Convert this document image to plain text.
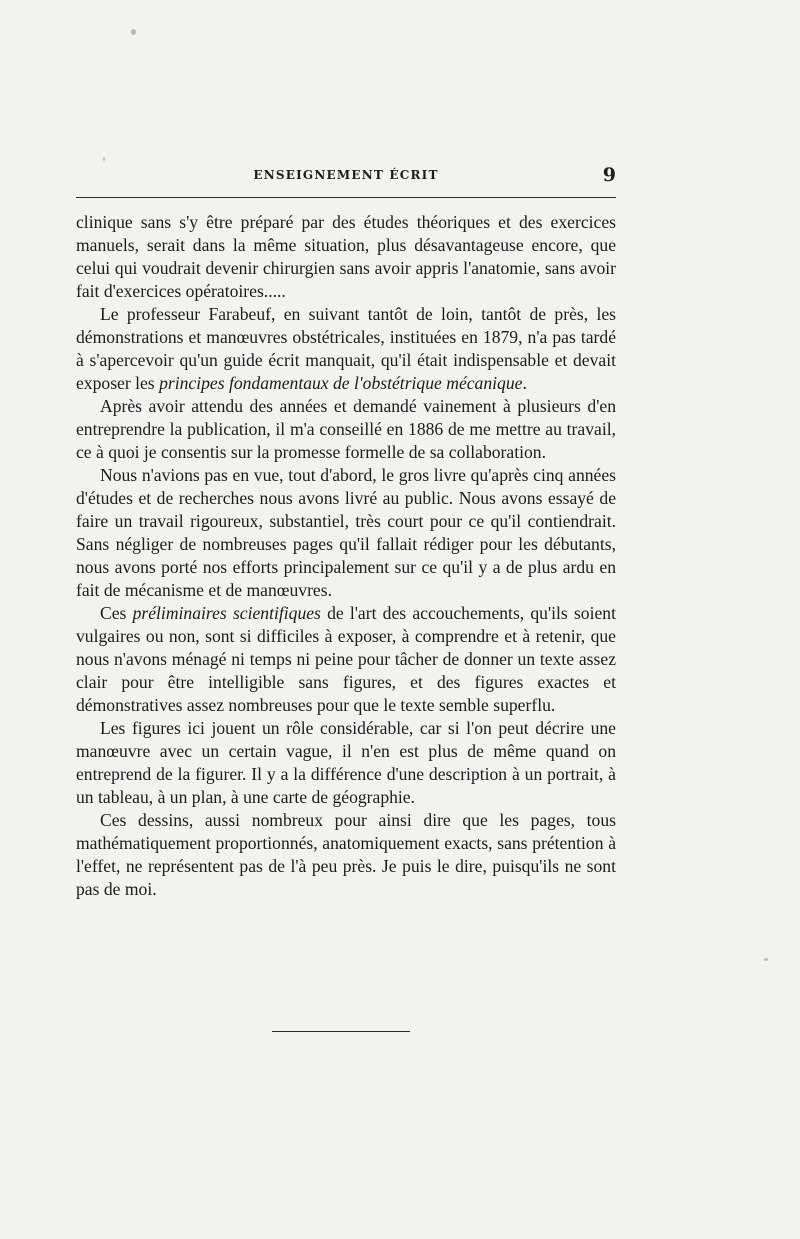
ENSEIGNEMENT ÉCRIT	9

clinique sans s'y être préparé par des études théoriques et des exercices manuels, serait dans la même situation, plus désavantageuse encore, que celui qui voudrait devenir chirurgien sans avoir appris l'anatomie, sans avoir fait d'exercices opératoires.....

Le professeur Farabeuf, en suivant tantôt de loin, tantôt de près, les démonstrations et manœuvres obstétricales, instituées en 1879, n'a pas tardé à s'apercevoir qu'un guide écrit manquait, qu'il était indispensable et devait exposer les principes fondamentaux de l'obstétrique mécanique.

Après avoir attendu des années et demandé vainement à plusieurs d'en entreprendre la publication, il m'a conseillé en 1886 de me mettre au travail, ce à quoi je consentis sur la promesse formelle de sa collaboration.

Nous n'avions pas en vue, tout d'abord, le gros livre qu'après cinq années d'études et de recherches nous avons livré au public. Nous avons essayé de faire un travail rigoureux, substantiel, très court pour ce qu'il contiendrait. Sans négliger de nombreuses pages qu'il fallait rédiger pour les débutants, nous avons porté nos efforts principalement sur ce qu'il y a de plus ardu en fait de mécanisme et de manœuvres.

Ces préliminaires scientifiques de l'art des accouchements, qu'ils soient vulgaires ou non, sont si difficiles à exposer, à comprendre et à retenir, que nous n'avons ménagé ni temps ni peine pour tâcher de donner un texte assez clair pour être intelligible sans figures, et des figures exactes et démonstratives assez nombreuses pour que le texte semble superflu.

Les figures ici jouent un rôle considérable, car si l'on peut décrire une manœuvre avec un certain vague, il n'en est plus de même quand on entreprend de la figurer. Il y a la différence d'une description à un portrait, à un tableau, à un plan, à une carte de géographie.

Ces dessins, aussi nombreux pour ainsi dire que les pages, tous mathématiquement proportionnés, anatomiquement exacts, sans prétention à l'effet, ne représentent pas de l'à peu près. Je puis le dire, puisqu'ils ne sont pas de moi.
